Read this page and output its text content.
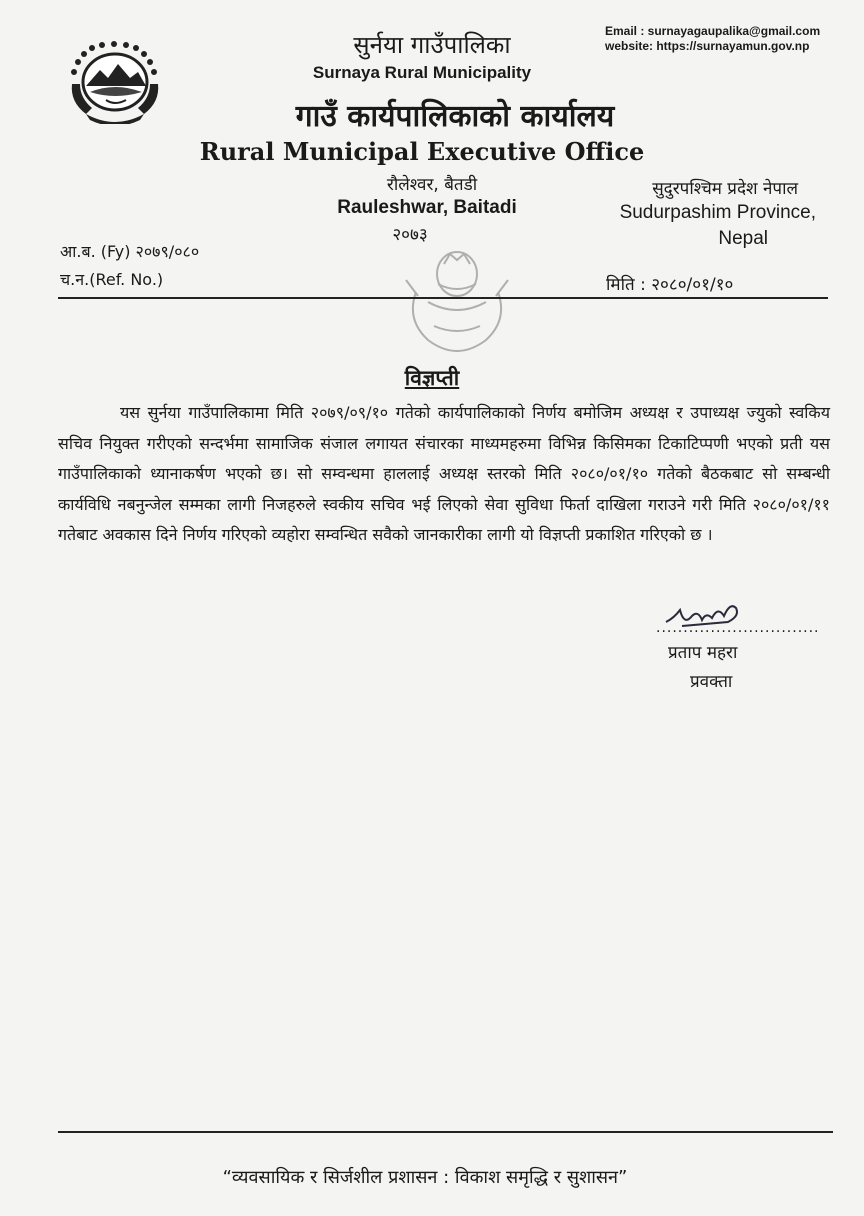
सुर्नया गाउँपालिका
Surnaya Rural Municipality
गाउँ कार्यपालिकाको कार्यालय
Rural Municipal Executive Office
रौलेश्वर, बैतडी
Rauleshwar, Baitadi
२०७३
Email : surnayagaupalika@gmail.com
website: https://surnayamun.gov.np
सुदुरपश्चिम प्रदेश नेपाल
Sudurpashim Province,
Nepal
आ.ब. (Fy) २०७९/०८०
च.न.(Ref. No.)	मिति : २०८०/०१/१०
विज्ञप्ती
यस सुर्नया गाउँपालिकामा मिति २०७९/०९/१० गतेको कार्यपालिकाको निर्णय बमोजिम अध्यक्ष र उपाध्यक्ष ज्युको स्वकिय सचिव नियुक्त गरीएको सन्दर्भमा सामाजिक संजाल लगायत संचारका माध्यमहरुमा विभिन्न किसिमका टिकाटिप्पणी भएको प्रती यस गाउँपालिकाको ध्यानाकर्षण भएको छ। सो सम्वन्धमा हाललाई अध्यक्ष स्तरको मिति २०८०/०१/१० गतेको बैठकबाट सो सम्बन्धी कार्यविधि नबनुन्जेल सम्मका लागी निजहरुले स्वकीय सचिव भई लिएको सेवा सुविधा फिर्ता दाखिला गराउने गरी मिति २०८०/०१/११ गतेबाट अवकास दिने निर्णय गरिएको व्यहोरा सम्वन्धित सवैको जानकारीका लागी यो विज्ञप्ती प्रकाशित गरिएको छ ।
..............................
प्रताप महरा
प्रवक्ता
“व्यवसायिक र सिर्जशील प्रशासन : विकाश समृद्धि र सुशासन”
